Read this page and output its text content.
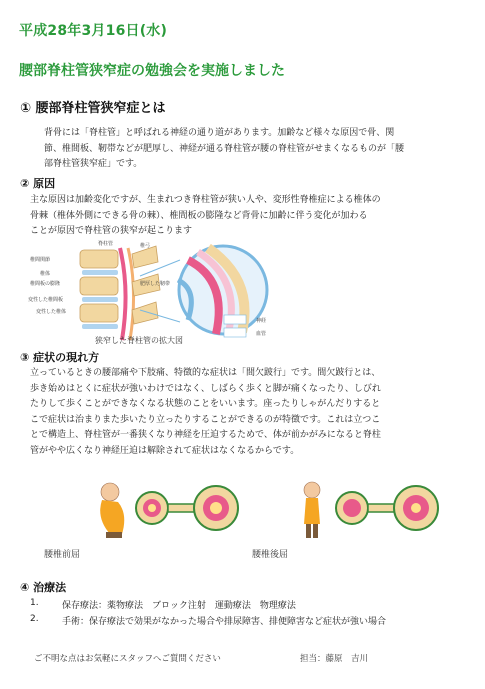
平成28年3月16日(水)
腰部脊柱管狭窄症の勉強会を実施しました
① 腰部脊柱管狭窄症とは
背骨には「脊柱管」と呼ばれる神経の通り道があります。加齢など様々な原因で骨、関
節、椎間板、靭帯などが肥厚し、神経が通る脊柱管が腰の脊柱管がせまくなるものが「腰
部脊柱管狭窄症」です。
② 原因
主な原因は加齢変化ですが、生まれつき脊柱管が狭い人や、変形性脊椎症による椎体の
骨棘（椎体外側にできる骨の棘）、椎間板の膨隆など背骨に加齢に伴う変化が加わる
ことが原因で脊柱管の狭窄が起こります
脊柱管	椎弓
椎間関節
椎体
椎間板の膨隆
変性した椎間板
変性した椎体
肥厚した靭帯
神経
血管
狭窄した脊柱管の拡大図
③ 症状の現れ方
立っているときの腰部痛や下肢痛、特徴的な症状は「間欠跛行」です。間欠跛行とは、
歩き始めはとくに症状が強いわけではなく、しばらく歩くと脚が痛くなったり、しびれ
たりして歩くことができなくなる状態のことをいいます。座ったりしゃがんだりすると
こで症状は治まりまた歩いたり立ったりすることができるのが特徴です。これは立つこ
とで構造上、脊柱管が一番狭くなり神経を圧迫するためで、体が前かがみになると脊柱
管がやや広くなり神経圧迫は解除されて症状はなくなるからです。
腰椎前屈	腰椎後屈
④ 治療法
1.	保存療法：薬物療法　ブロック注射　運動療法　物理療法
2.	手術：保存療法で効果がなかった場合や排尿障害、排便障害など症状が強い場合
ご不明な点はお気軽にスタッフへご質問ください	担当：藤原　吉川
